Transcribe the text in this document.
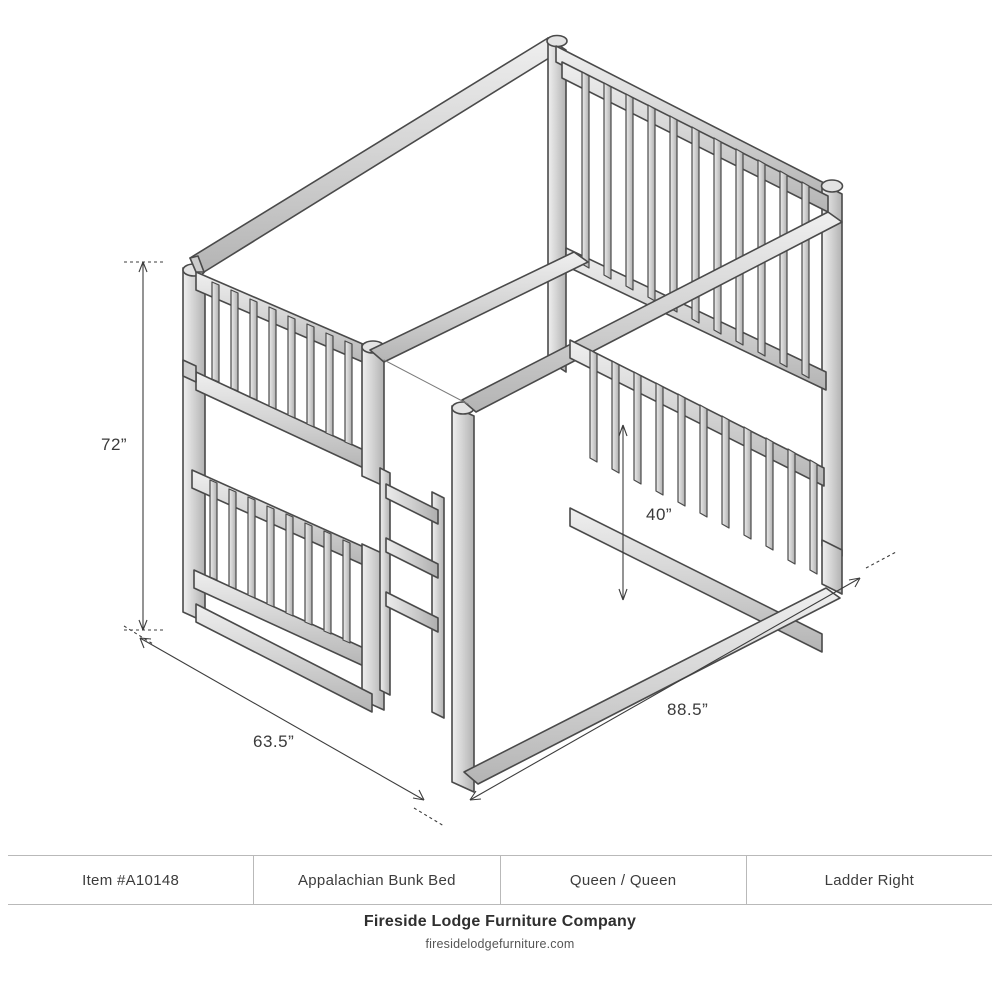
72”
40”
63.5”
88.5”
Item #A10148	Appalachian Bunk Bed	Queen / Queen	Ladder Right
Fireside Lodge Furniture Company
firesidelodgefurniture.com
